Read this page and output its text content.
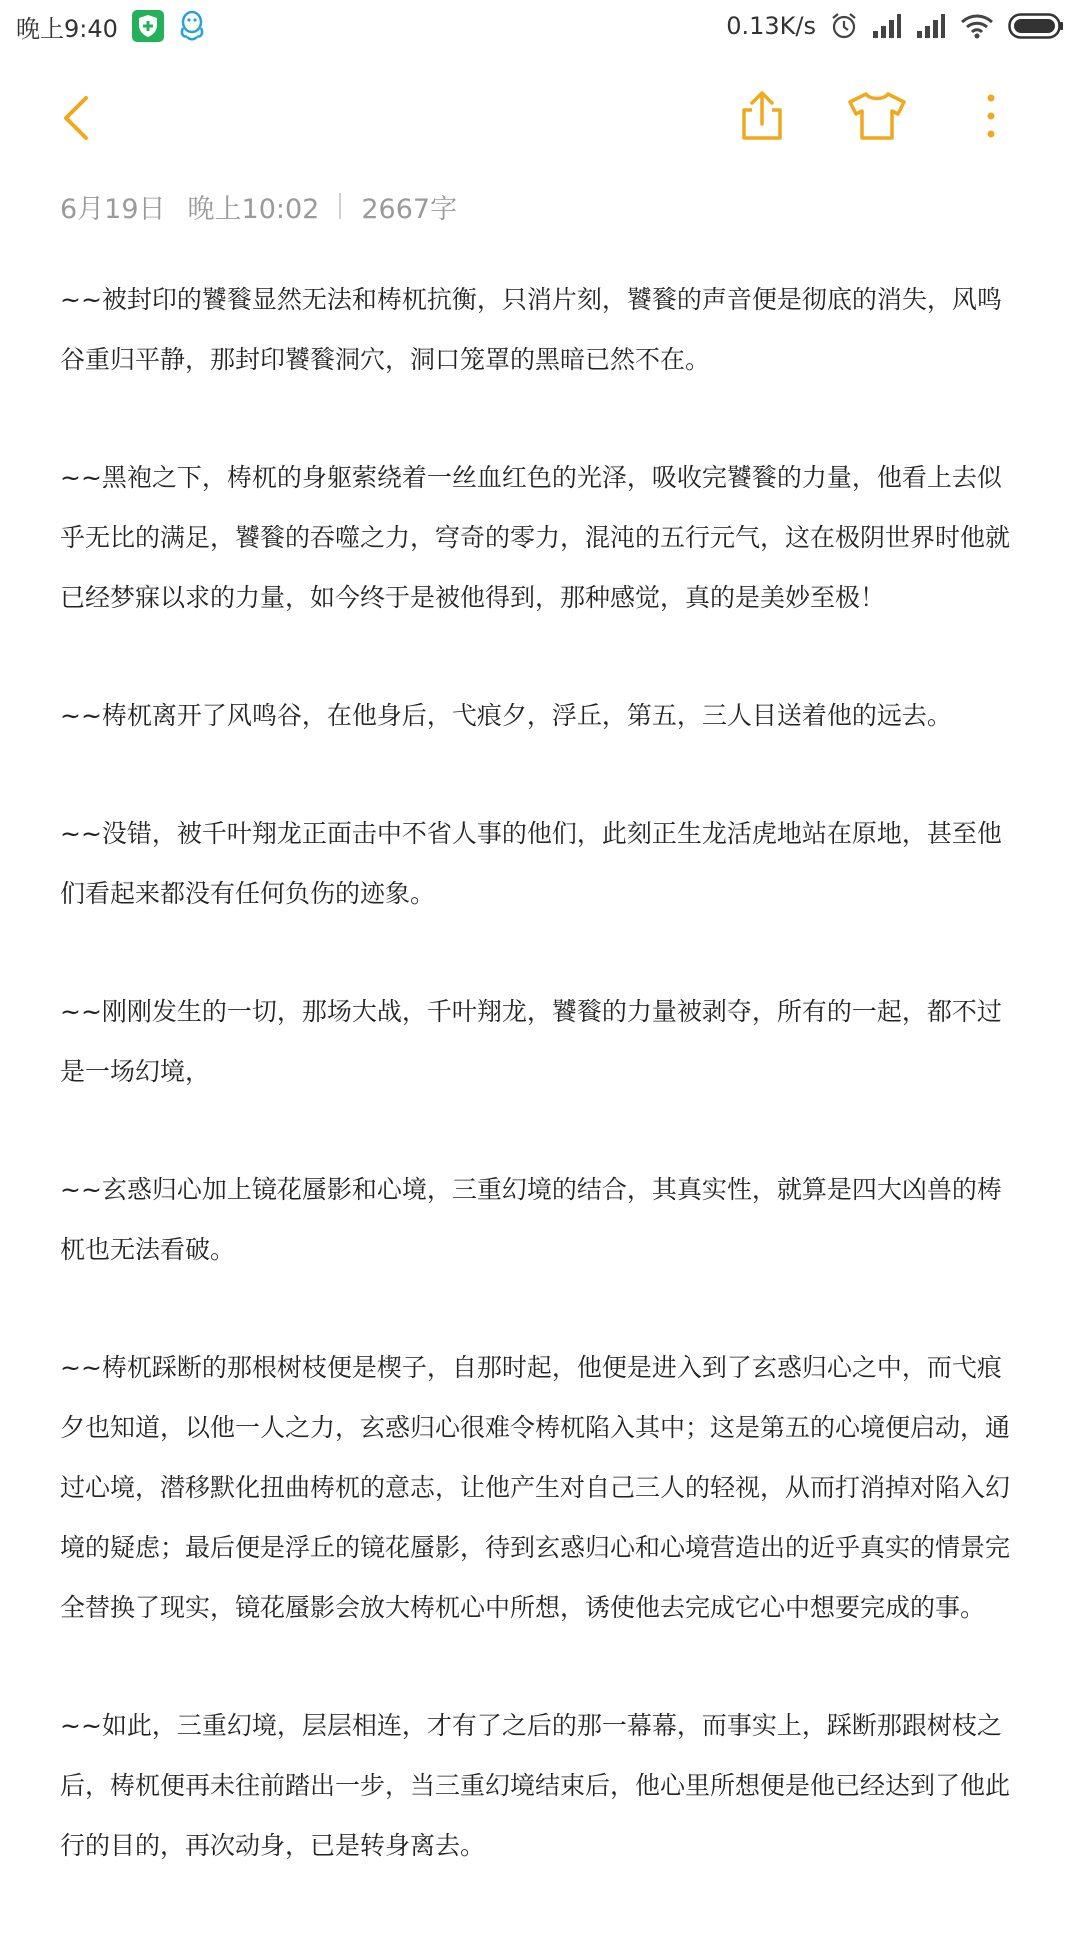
晚上9:40	0.13K/s
6月19日 晚上10:02 2667字

~~被封印的饕餮显然无法和梼杌抗衡，只消片刻，饕餮的声音便是彻底的消失，风鸣谷重归平静，那封印饕餮洞穴，洞口笼罩的黑暗已然不在。

~~黑袍之下，梼杌的身躯萦绕着一丝血红色的光泽，吸收完饕餮的力量，他看上去似乎无比的满足，饕餮的吞噬之力，穹奇的零力，混沌的五行元气，这在极阴世界时他就已经梦寐以求的力量，如今终于是被他得到，那种感觉，真的是美妙至极！

~~梼杌离开了风鸣谷，在他身后，弋痕夕，浮丘，第五，三人目送着他的远去。

~~没错，被千叶翔龙正面击中不省人事的他们，此刻正生龙活虎地站在原地，甚至他们看起来都没有任何负伤的迹象。

~~刚刚发生的一切，那场大战，千叶翔龙，饕餮的力量被剥夺，所有的一起，都不过是一场幻境，

~~玄惑归心加上镜花蜃影和心境，三重幻境的结合，其真实性，就算是四大凶兽的梼杌也无法看破。

~~梼杌踩断的那根树枝便是楔子，自那时起，他便是进入到了玄惑归心之中，而弋痕夕也知道，以他一人之力，玄惑归心很难令梼杌陷入其中；这是第五的心境便启动，通过心境，潜移默化扭曲梼杌的意志，让他产生对自己三人的轻视，从而打消掉对陷入幻境的疑虑；最后便是浮丘的镜花蜃影，待到玄惑归心和心境营造出的近乎真实的情景完全替换了现实，镜花蜃影会放大梼杌心中所想，诱使他去完成它心中想要完成的事。

~~如此，三重幻境，层层相连，才有了之后的那一幕幕，而事实上，踩断那跟树枝之后，梼杌便再未往前踏出一步，当三重幻境结束后，他心里所想便是他已经达到了他此行的目的，再次动身，已是转身离去。
